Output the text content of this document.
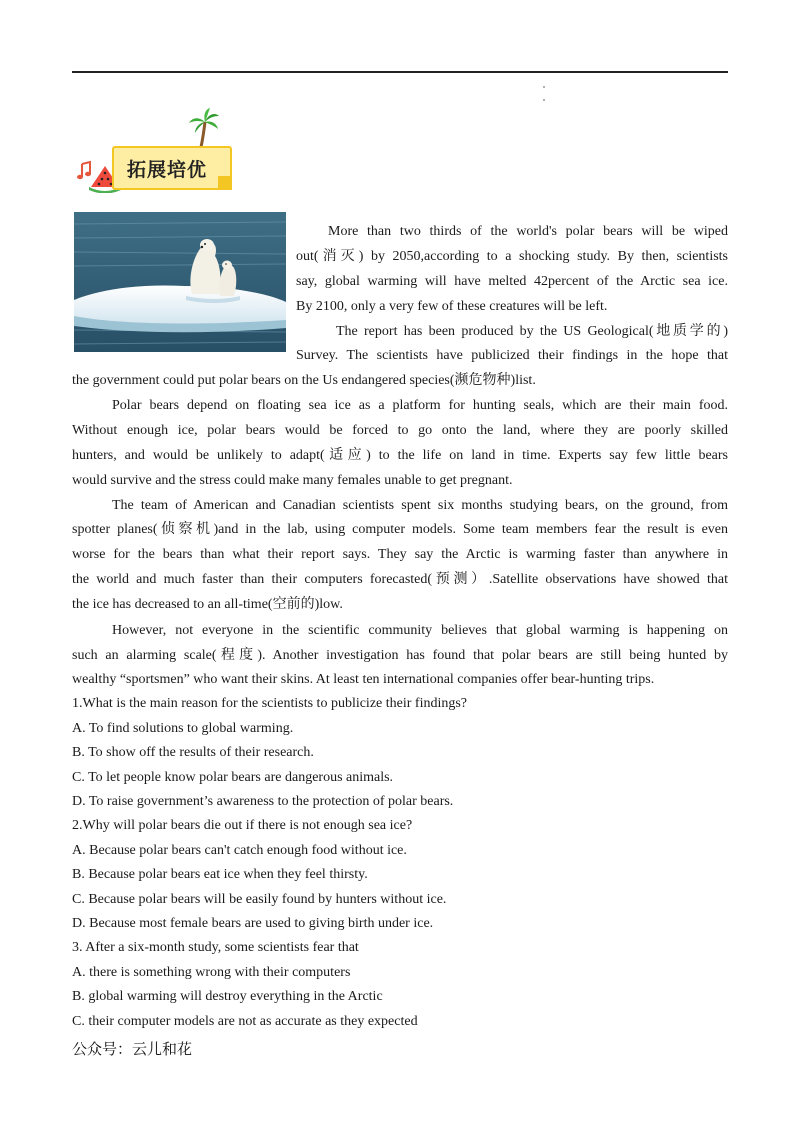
拓展培优

More than two thirds of the world's polar bears will be wiped

out(消灭) by 2050,according to a shocking study. By then, scientists

say, global warming will have melted 42percent of the Arctic sea ice.

By 2100, only a very few of these creatures will be left.

The report has been produced by the US Geological(地质学的)

Survey. The scientists have publicized their findings in the hope that

the government could put polar bears on the Us endangered species(濒危物种)list.

Polar bears depend on floating sea ice as a platform for hunting seals, which are their main food.

Without enough ice, polar bears would be forced to go onto the land, where they are poorly skilled

hunters, and would be unlikely to adapt(适应) to the life on land in time. Experts say few little bears

would survive and the stress could make many females unable to get pregnant.

The team of American and Canadian scientists spent six months studying bears, on the ground, from

spotter planes(侦察机)and in the lab, using computer models. Some team members fear the result is even

worse for the bears than what their report says. They say the Arctic is warming faster than anywhere in

the world and much faster than their computers forecasted(预测）.Satellite observations have showed that

the ice has decreased to an all-time(空前的)low.

However, not everyone in the scientific community believes that global warming is happening on

such an alarming scale(程度). Another investigation has found that polar bears are still being hunted by

wealthy “sportsmen” who want their skins. At least ten international companies offer bear-hunting trips.

1.What is the main reason for the scientists to publicize their findings?

A. To find solutions to global warming.

B. To show off the results of their research.

C. To let people know polar bears are dangerous animals.

D. To raise government’s awareness to the protection of polar bears.

2.Why will polar bears die out if there is not enough sea ice?

A. Because polar bears can't catch enough food without ice.

B. Because polar bears eat ice when they feel thirsty.

C. Because polar bears will be easily found by hunters without ice.

D. Because most female bears are used to giving birth under ice.

3. After a six-month study, some scientists fear that

A. there is something wrong with their computers

B. global warming will destroy everything in the Arctic

C. their computer models are not as accurate as they expected

公众号：云儿和花
